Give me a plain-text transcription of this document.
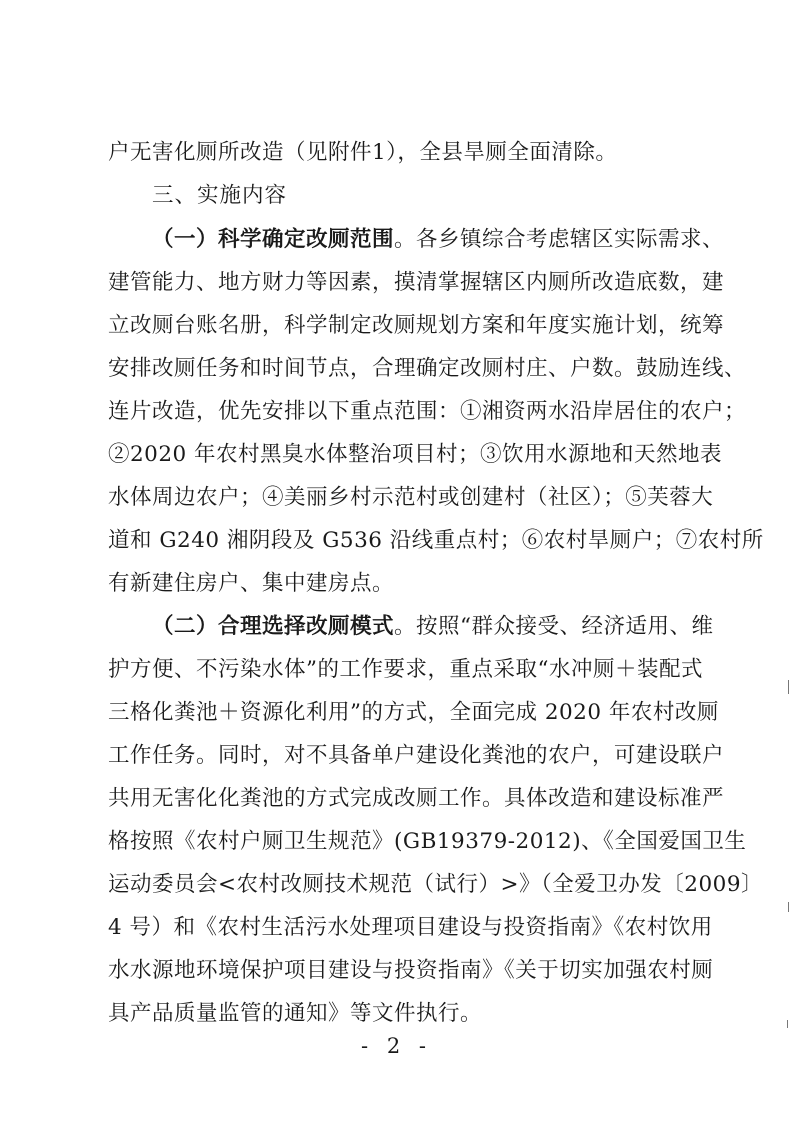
户无害化厕所改造（见附件1），全县旱厕全面清除。
三、实施内容
（一）科学确定改厕范围。各乡镇综合考虑辖区实际需求、
建管能力、地方财力等因素，摸清掌握辖区内厕所改造底数，建
立改厕台账名册，科学制定改厕规划方案和年度实施计划，统筹
安排改厕任务和时间节点，合理确定改厕村庄、户数。鼓励连线、
连片改造，优先安排以下重点范围：①湘资两水沿岸居住的农户；
②2020 年农村黑臭水体整治项目村；③饮用水源地和天然地表
水体周边农户；④美丽乡村示范村或创建村（社区）；⑤芙蓉大
道和 G240 湘阴段及 G536 沿线重点村；⑥农村旱厕户；⑦农村所
有新建住房户、集中建房点。
（二）合理选择改厕模式。按照“群众接受、经济适用、维
护方便、不污染水体”的工作要求，重点采取“水冲厕＋装配式
三格化粪池＋资源化利用”的方式，全面完成 2020 年农村改厕
工作任务。同时，对不具备单户建设化粪池的农户，可建设联户
共用无害化化粪池的方式完成改厕工作。具体改造和建设标准严
格按照《农村户厕卫生规范》(GB19379-2012)、《全国爱国卫生
运动委员会<农村改厕技术规范（试行）>》（全爱卫办发〔2009〕
4 号）和《农村生活污水处理项目建设与投资指南》《农村饮用
水水源地环境保护项目建设与投资指南》《关于切实加强农村厕
具产品质量监管的通知》等文件执行。
- 2 -
